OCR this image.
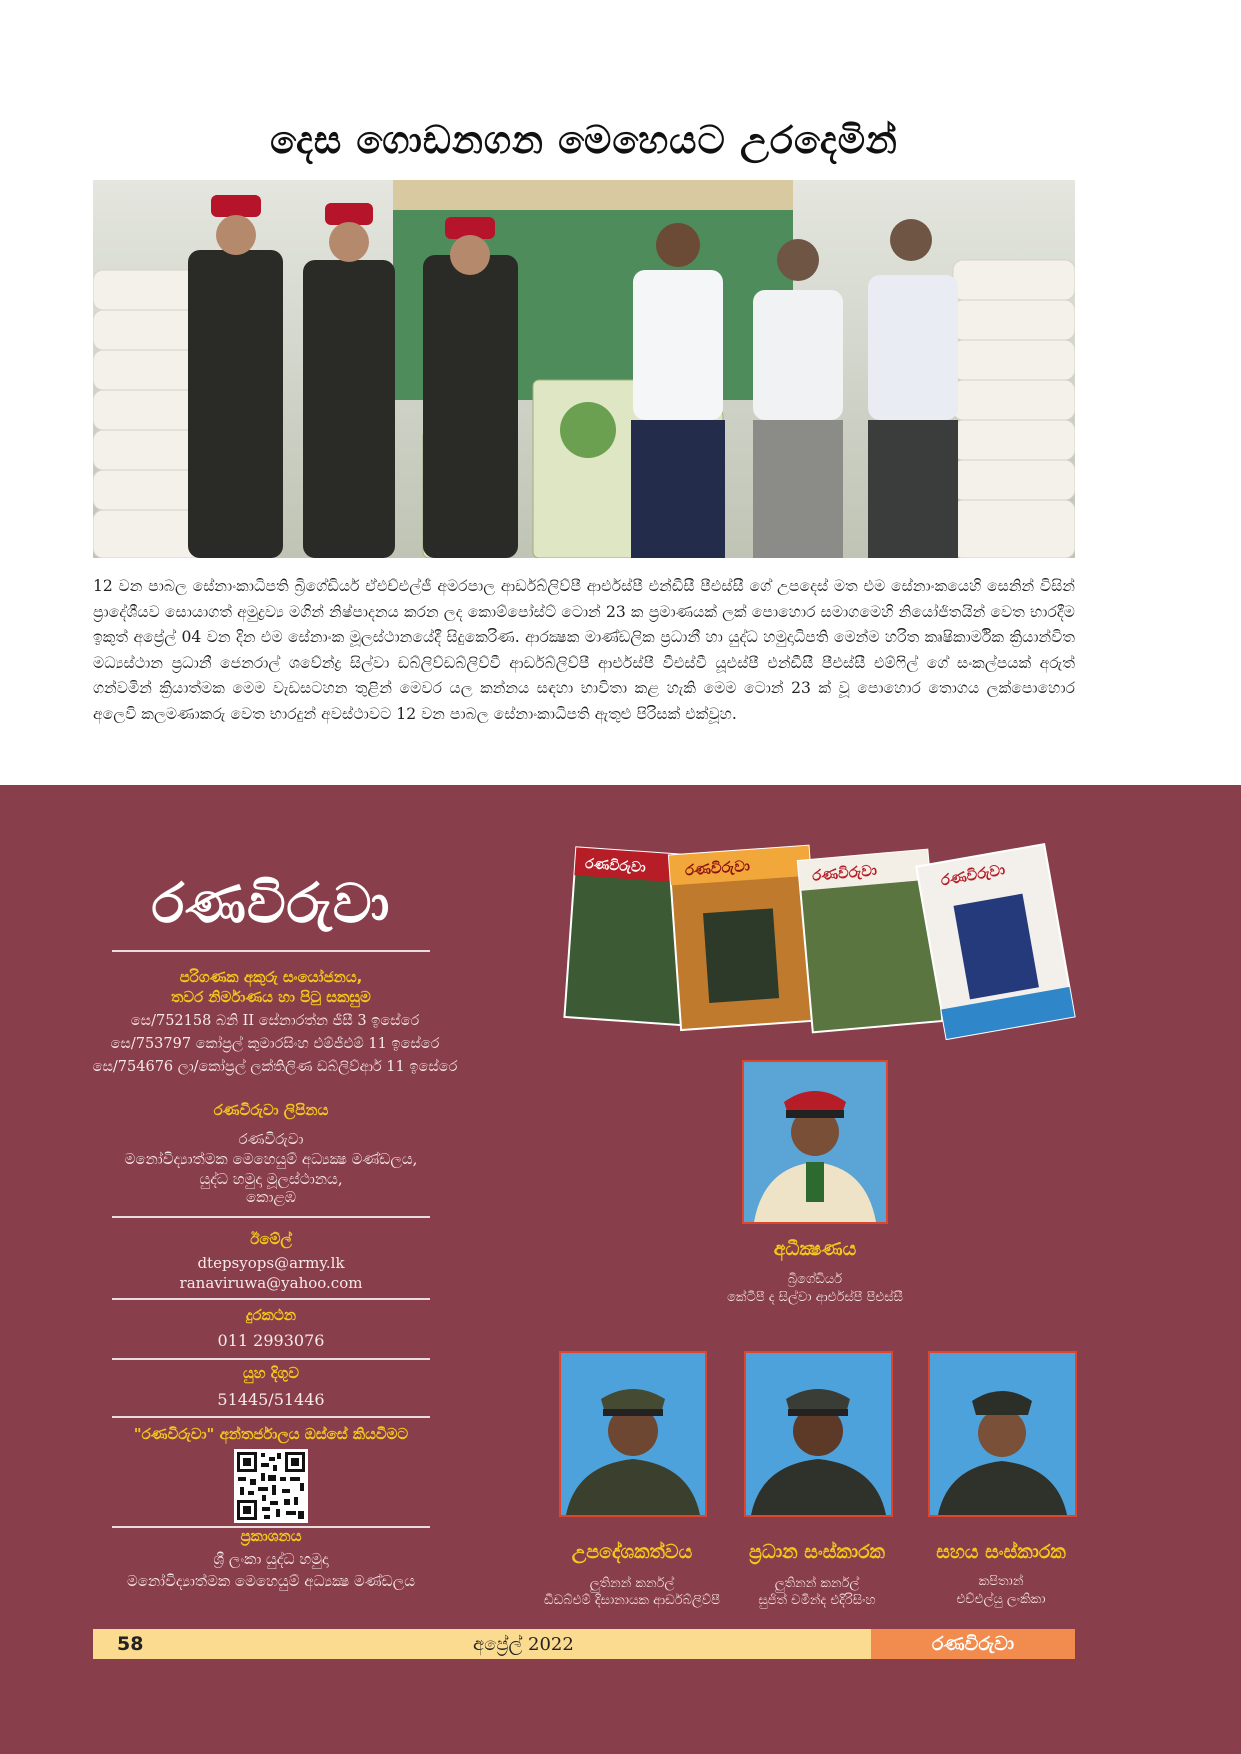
දෙස ගොඩනගන මෙහෙයට උරදෙමින්
12 වන පාබල සේනාංකාධිපති බ්‍රිගේඩියර් ඒඑච්එල්ජී අමරපාල ආර්ඩබ්ලිව්පී ආර්එස්පී එන්ඩීසී පීඑස්සී ගේ උපදෙස් මත එම සේනාංකයෙහි සෙනින් විසින් ප්‍රාදේශීයව සොයාගත් අමුද්‍රව්‍ය මගින් නිෂ්පාදනය කරන ලද කොම්පෝස්ට් ටොන් 23 ක ප්‍රමාණයක් ලක් පොහොර සමාගමෙහි නියෝජිතයින් වෙත භාරදීම ඉකුත් අප්‍රේල් 04 වන දින එම සේනාංක මූලස්ථානයේදී සිදුකෙරිණ. ආරක්‍ෂක මාණ්ඩලික ප්‍රධානී හා යුද්ධ හමුදාධිපති මෙන්ම හරිත කෘෂිකාර්මික ක්‍රියාන්විත මධ්‍යස්ථාන ප්‍රධානී ජෙනරාල් ශවේන්ද්‍ර සිල්වා ඩබ්ලිව්ඩබ්ලිව්වී ආර්ඩබ්ලිව්පී ආර්එස්පී වීඑස්වී යූඑස්පී එන්ඩීසී පීඑස්සී එම්ෆිල් ගේ සංකල්පයක් අරුත් ගන්වමින් ක්‍රියාත්මක මෙම වැඩසටහන තුළින් මෙවර යල කන්නය සඳහා භාවිතා කළ හැකි මෙම ටොන් 23 ක් වූ පොහොර තොගය ලක්පොහොර අලෙවි කලමණාකරු වෙත භාරදුන් අවස්ථාවට 12 වන පාබල සේනාංකාධිපති ඇතුළු පිරිසක් එක්වූහ.
රණවිරුවා
පරිගණක අකුරු සංයෝජනය,
තවර නිර්මාණය හා පිටු සකසුම
සෙ/752158 බනි II සේනාරත්න ජීසී 3 ඉසේරෙ
සෙ/753797 කෝප්‍රල් කුමාරසිංහ එම්ජීඑම් 11 ඉසේරෙ
සෙ/754676 ලා/කෝප්‍රල් ලක්තිලිණ ඩබ්ලිව්ආර් 11 ඉසේරෙ
රණවිරුවා ලිපිනය
රණවිරුවා
මනෝවිද්‍යාත්මක මෙහෙයුම් අධ්‍යක්‍ෂ මණ්ඩලය,
යුද්ධ හමුදා මූලස්ථානය,
කොළඹ
ඊමේල්
dtepsyops@army.lk
ranaviruwa@yahoo.com
දුරකථන
011 2993076
යුහ දිගුව
51445/51446
"රණවිරුවා" අන්තර්ජාලය ඔස්සේ කියවීමට
ප්‍රකාශනය
ශ්‍රී ලංකා යුද්ධ හමුදා
මනෝවිද්‍යාත්මක මෙහෙයුම් අධ්‍යක්‍ෂ මණ්ඩලය
රණවිරුවා	රණවිරුවා	රණවිරුවා	රණවිරුවා
අධීක්‍ෂණය
බ්‍රිගේඩියර්
කේටීපී ද සිල්වා ආර්එස්පී පීඑස්සී
උපදේශකත්වය
ලුතිනන් කර්නල්
ඩීඩබ්එම් දිසානායක ආර්ඩබ්ලිව්පී
ප්‍රධාන සංස්කාරක
ලුතිනන් කර්නල්
සුජිත් චමින්ද එදිරිසිංහ
සහය සංස්කාරක
කපිතාන්
එච්එල්යු ලංකිකා
58	අප්‍රේල් 2022	රණවිරුවා
